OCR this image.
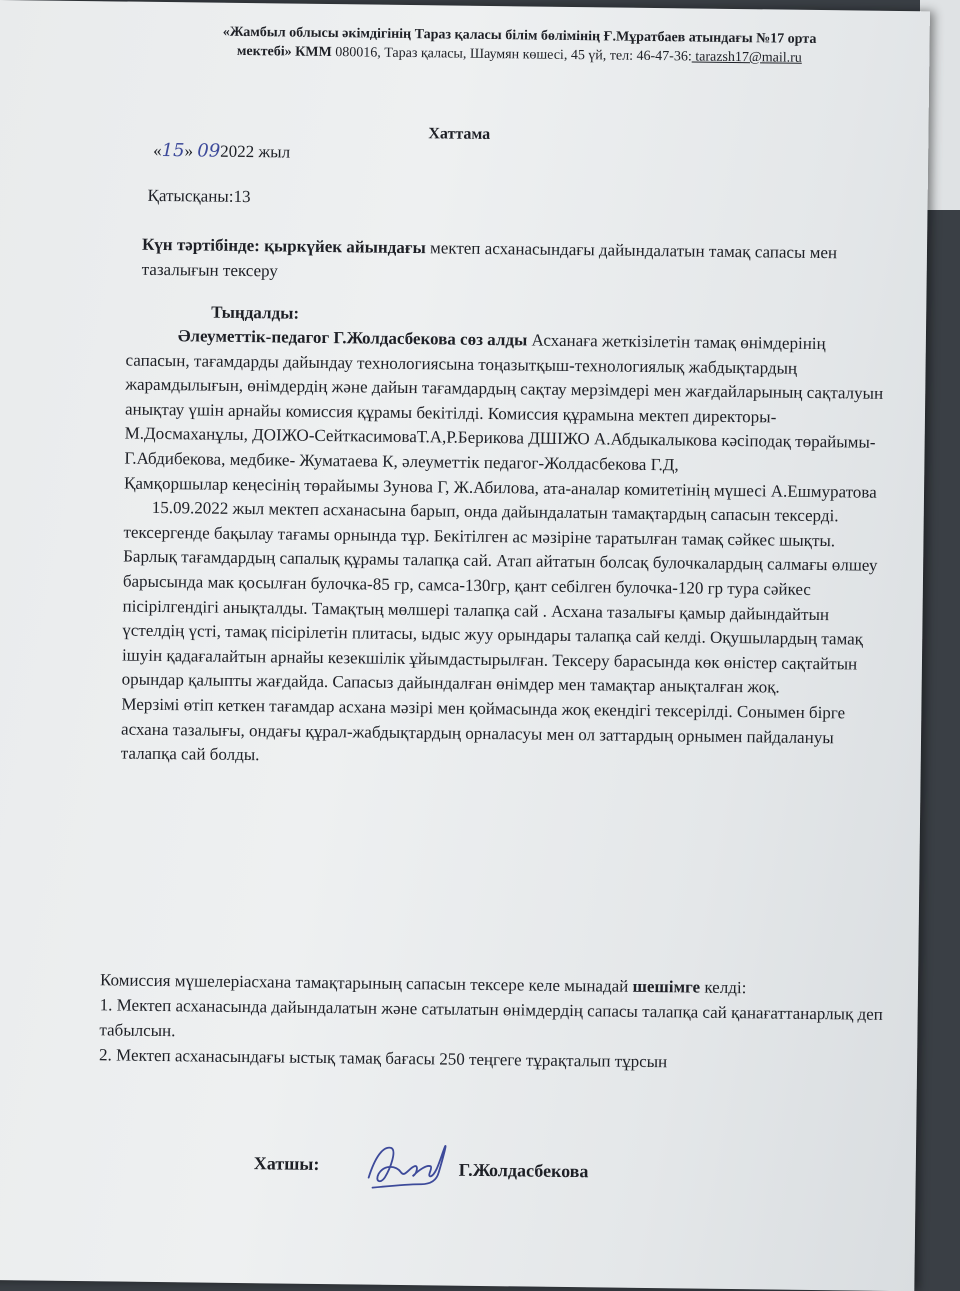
«Жамбыл облысы әкімдігінің Тараз қаласы білім бөлімінің Ғ.Мұратбаев атындағы №17 орта
мектебі» КММ 080016, Тараз қаласы, Шаумян көшесі, 45 үй, тел: 46-47-36: tarazsh17@mail.ru
Хаттама
«15» 092022 жыл
Қатысқаны:13
Күн тәртібінде: қыркүйек айындағы мектеп асханасындағы дайындалатын тамақ сапасы мен тазалығын тексеру
Тыңдалды:

Әлеуметтік-педагог Г.Жолдасбекова сөз алды Асханаға жеткізілетін тамақ өнімдерінің сапасын, тағамдарды дайындау технологиясына тоңазытқыш-технологиялық жабдықтардың жарамдылығын, өнімдердің және дайын тағамдардың сақтау мерзімдері мен жағдайларының сақталуын анықтау үшін арнайы комиссия құрамы бекітілді. Комиссия құрамына мектеп директоры- М.Досмаханұлы, ДОІЖО-СейткасимоваТ.А,Р.Берикова ДШІЖО А.Абдыкалыкова кәсіподақ төрайымы-Г.Абдибекова, медбике- Жуматаева К, әлеуметтік педагог-Жолдасбекова Г.Д,

Қамқоршылар кеңесінің төрайымы Зунова Г, Ж.Абилова, ата-аналар комитетінің мүшесі А.Ешмуратова

15.09.2022 жыл мектеп асханасына барып, онда дайындалатын тамақтардың сапасын тексерді. тексергенде бақылау тағамы орнында тұр. Бекітілген ас мәзіріне таратылған тамақ сәйкес шықты. Барлық тағамдардың сапалық құрамы талапқа сай. Атап айтатын болсақ булочкалардың салмағы өлшеу барысында мак қосылған булочка-85 гр, самса-130гр, қант себілген булочка-120 гр тура сәйкес пісірілгендігі анықталды. Тамақтың мөлшері талапқа сай . Асхана тазалығы қамыр дайындайтын үстелдің үсті, тамақ пісірілетін плитасы, ыдыс жуу орындары талапқа сай келді. Оқушылардың тамақ ішуін қадағалайтын арнайы кезекшілік ұйымдастырылған. Тексеру барасында көк өністер сақтайтын орындар қалыпты жағдайда. Сапасыз дайындалған өнімдер мен тамақтар анықталған жоқ.

Мерзімі өтіп кеткен тағамдар асхана мәзірі мен қоймасында жоқ екендігі тексерілді. Сонымен бірге асхана тазалығы, ондағы құрал-жабдықтардың орналасуы мен ол заттардың орнымен пайдалануы талапқа сай болды.

Комиссия мүшелеріасхана тамақтарының сапасын тексере келе мынадай шешімге келді:

1. Мектеп асханасында дайындалатын және сатылатын өнімдердің сапасы талапқа сай қанағаттанарлық деп табылсын.

2. Мектеп асханасындағы ыстық тамақ бағасы 250 теңгеге тұрақталып тұрсын

Хатшы:	Г.Жолдасбекова
